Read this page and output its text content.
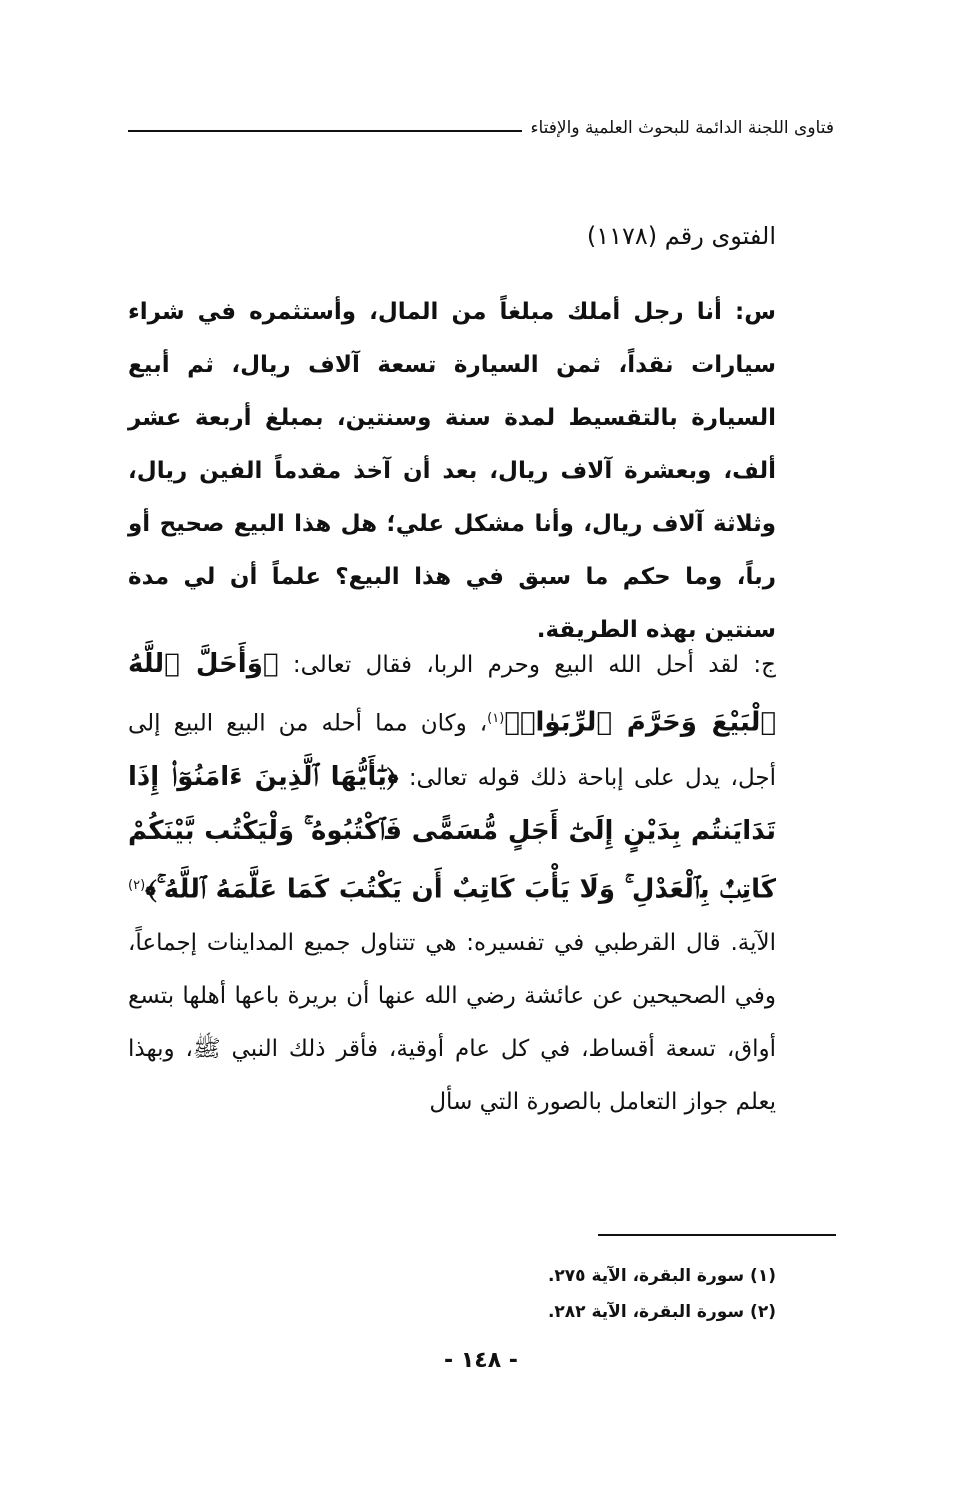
فتاوى اللجنة الدائمة للبحوث العلمية والإفتاء
الفتوى رقم (١١٧٨)
س: أنا رجل أملك مبلغاً من المال، وأستثمره في شراء سيارات نقداً، ثمن السيارة تسعة آلاف ريال، ثم أبيع السيارة بالتقسيط لمدة سنة وسنتين، بمبلغ أربعة عشر ألف، وبعشرة آلاف ريال، بعد أن آخذ مقدماً الفين ريال، وثلاثة آلاف ريال، وأنا مشكل علي؛ هل هذا البيع صحيح أو رباً، وما حكم ما سبق في هذا البيع؟ علماً أن لي مدة سنتين بهذه الطريقة.
ج: لقد أحل الله البيع وحرم الربا، فقال تعالى: ﴿وَأَحَلَّ ٱللَّهُ ٱلْبَيْعَ وَحَرَّمَ ٱلرِّبَوٰا۟﴾$^{(١)}$، وكان مما أحله من البيع البيع إلى أجل، يدل على إباحة ذلك قوله تعالى: ﴿يَٰٓأَيُّهَا ٱلَّذِينَ ءَامَنُوٓا۟ إِذَا تَدَايَنتُم بِدَيْنٍ إِلَىٰٓ أَجَلٍ مُّسَمًّى فَٱكْتُبُوهُ ۚ وَلْيَكْتُب بَّيْنَكُمْ كَاتِبٌۢ بِٱلْعَدْلِ ۚ وَلَا يَأْبَ كَاتِبٌ أَن يَكْتُبَ كَمَا عَلَّمَهُ ٱللَّهُ ۚ﴾$^{(٢)}$ الآية. قال القرطبي في تفسيره: هي تتناول جميع المداينات إجماعاً، وفي الصحيحين عن عائشة رضي الله عنها أن بريرة باعها أهلها بتسع أواق، تسعة أقساط، في كل عام أوقية، فأقر ذلك النبي ﷺ، وبهذا يعلم جواز التعامل بالصورة التي سأل
(١) سورة البقرة، الآية ٢٧٥.
(٢) سورة البقرة، الآية ٢٨٢.
- ١٤٨ -
